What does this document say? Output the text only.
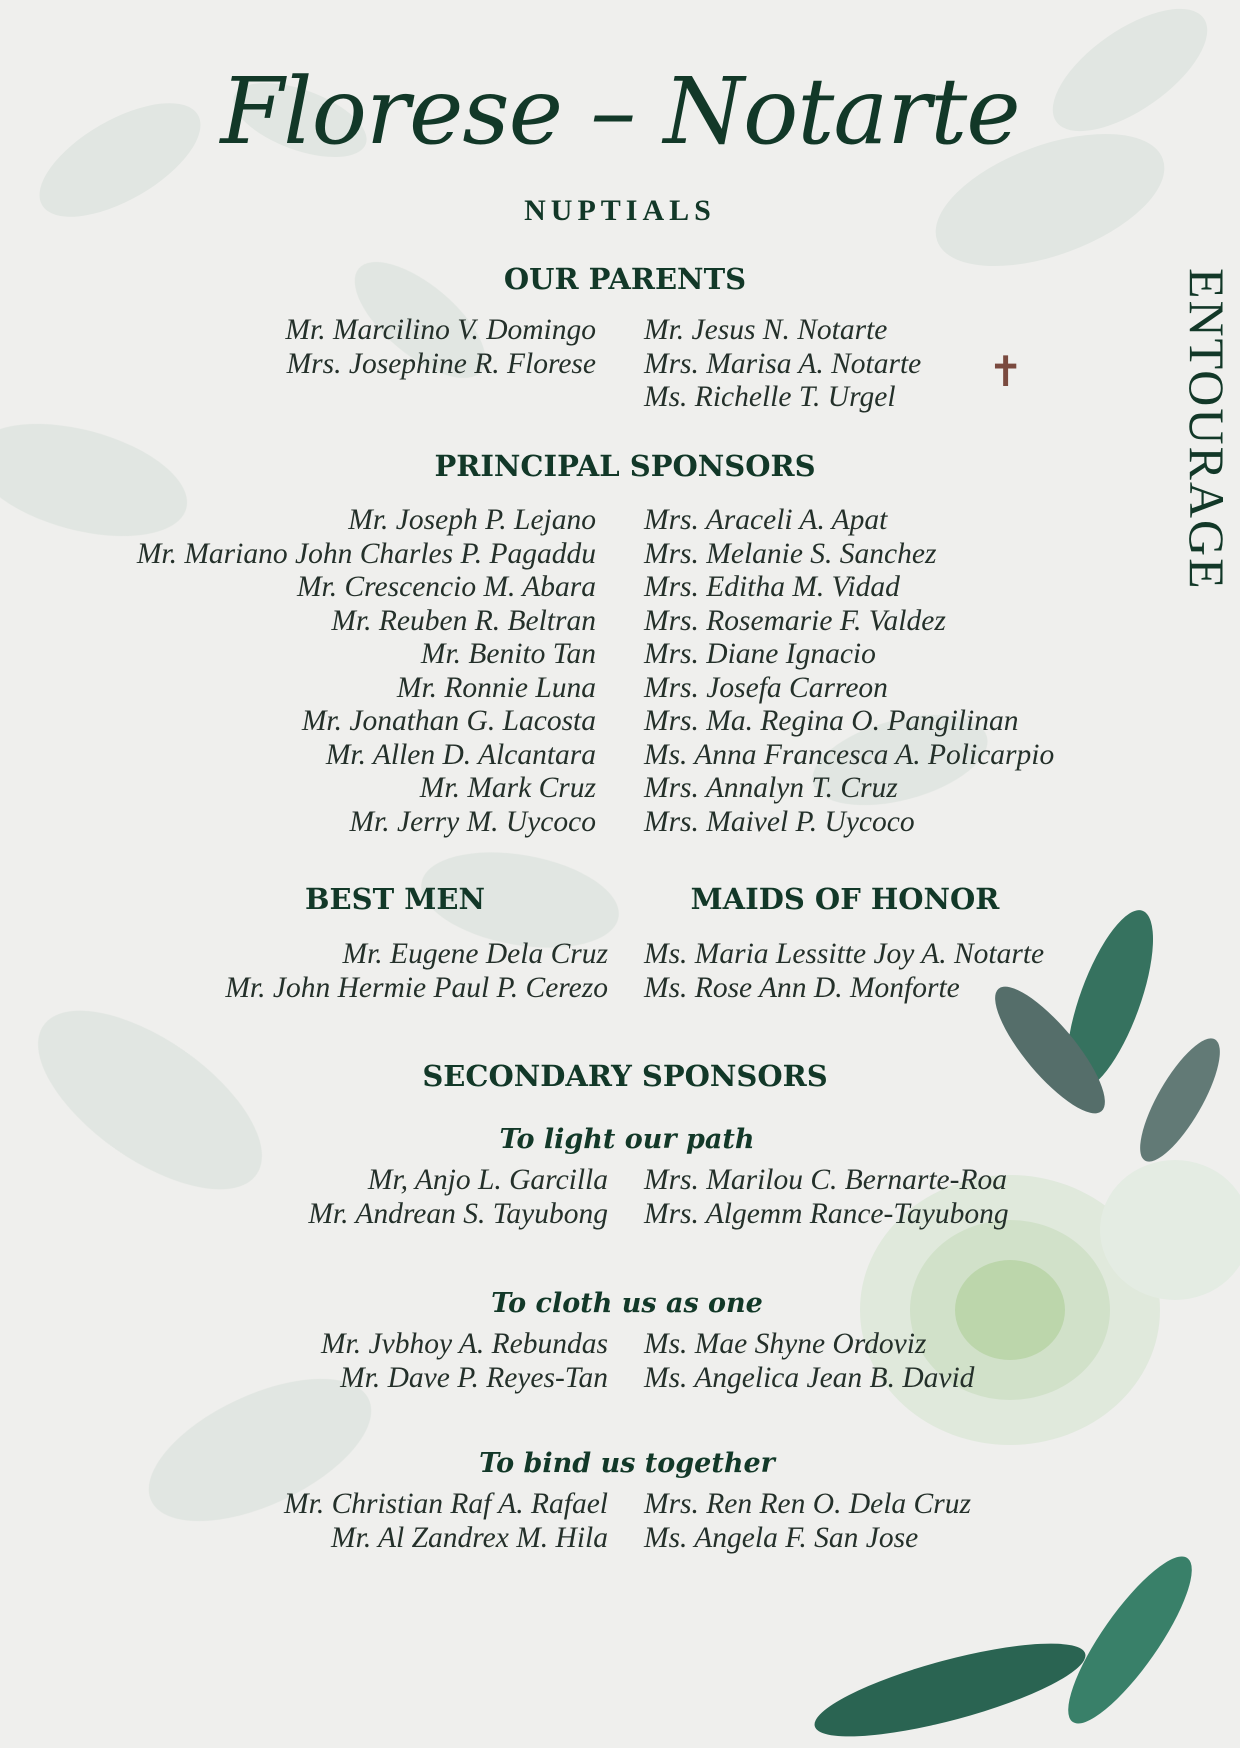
Florese – Notarte
NUPTIALS
ENTOURAGE
OUR PARENTS
Mr. Marcilino V. Domingo
Mrs. Josephine R. Florese
Mr. Jesus N. Notarte
Mrs. Marisa A. Notarte
Ms. Richelle T. Urgel
✝
PRINCIPAL SPONSORS
Mr. Joseph P. Lejano
Mr. Mariano John Charles P. Pagaddu
Mr. Crescencio M. Abara
Mr. Reuben R. Beltran
Mr. Benito Tan
Mr. Ronnie Luna
Mr. Jonathan G. Lacosta
Mr. Allen D. Alcantara
Mr. Mark Cruz
Mr. Jerry M. Uycoco
Mrs. Araceli A. Apat
Mrs. Melanie S. Sanchez
Mrs. Editha M. Vidad
Mrs. Rosemarie F. Valdez
Mrs. Diane Ignacio
Mrs. Josefa Carreon
Mrs. Ma. Regina O. Pangilinan
Ms. Anna Francesca A. Policarpio
Mrs. Annalyn T. Cruz
Mrs. Maivel P. Uycoco
BEST MEN	MAIDS OF HONOR
Mr. Eugene Dela Cruz
Mr. John Hermie Paul P. Cerezo
Ms. Maria Lessitte Joy A. Notarte
Ms. Rose Ann D. Monforte
SECONDARY SPONSORS
To light our path
Mr, Anjo L. Garcilla
Mr. Andrean S. Tayubong
Mrs. Marilou C. Bernarte-Roa
Mrs. Algemm Rance-Tayubong
To cloth us as one
Mr. Jvbhoy A. Rebundas
Mr. Dave P. Reyes-Tan
Ms. Mae Shyne Ordoviz
Ms. Angelica Jean B. David
To bind us together
Mr. Christian Raf A. Rafael
Mr. Al Zandrex M. Hila
Mrs. Ren Ren O. Dela Cruz
Ms. Angela F. San Jose
